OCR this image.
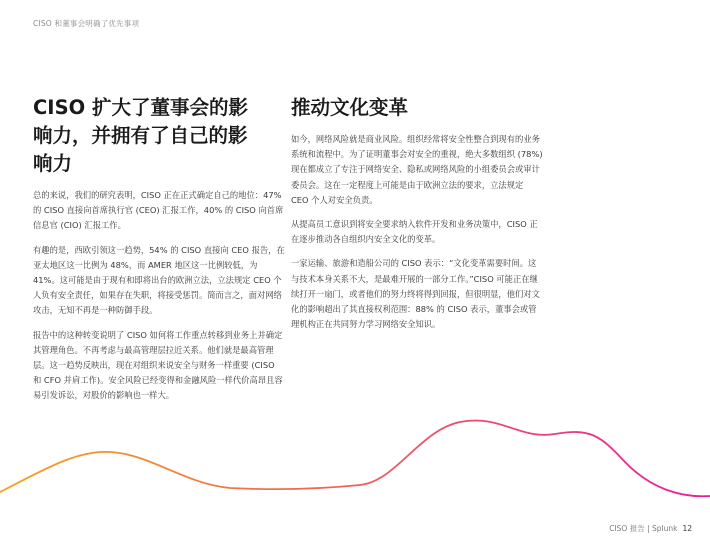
CISO 和董事会明确了优先事项
CISO 扩大了董事会的影响力，并拥有了自己的影响力

总的来说，我们的研究表明，CISO 正在正式确定自己的地位：47% 的 CISO 直接向首席执行官 (CEO) 汇报工作，40% 的 CISO 向首席信息官 (CIO) 汇报工作。

有趣的是，西欧引领这一趋势，54% 的 CISO 直接向 CEO 报告，在亚太地区这一比例为 48%，而 AMER 地区这一比例较低，为 41%。这可能是由于现有和即将出台的欧洲立法，立法规定 CEO 个人负有安全责任，如果存在失职，将接受惩罚。简而言之，面对网络攻击，无知不再是一种防御手段。

报告中的这种转变说明了 CISO 如何将工作重点转移到业务上并确定其管理角色。不再考虑与最高管理层拉近关系。他们就是最高管理层。这一趋势反映出，现在对组织来说安全与财务一样重要 (CISO 和 CFO 并肩工作)。安全风险已经变得和金融风险一样代价高昂且容易引发诉讼，对股价的影响也一样大。

推动文化变革

如今，网络风险就是商业风险。组织经常将安全性整合到现有的业务系统和流程中。为了证明董事会对安全的重视，绝大多数组织 (78%) 现在都成立了专注于网络安全、隐私或网络风险的小组委员会或审计委员会。这在一定程度上可能是由于欧洲立法的要求，立法规定 CEO 个人对安全负责。

从提高员工意识到将安全要求纳入软件开发和业务决策中，CISO 正在逐步推动各自组织内安全文化的变革。

一家运输、旅游和造船公司的 CISO 表示：“文化变革需要时间。这与技术本身关系不大，是最难开展的一部分工作。”CISO 可能正在继续打开一扇门，或者他们的努力终将得到回报，但很明显，他们对文化的影响超出了其直接权利范围：88% 的 CISO 表示，董事会或管理机构正在共同努力学习网络安全知识。

CISO 报告 | Splunk 12
